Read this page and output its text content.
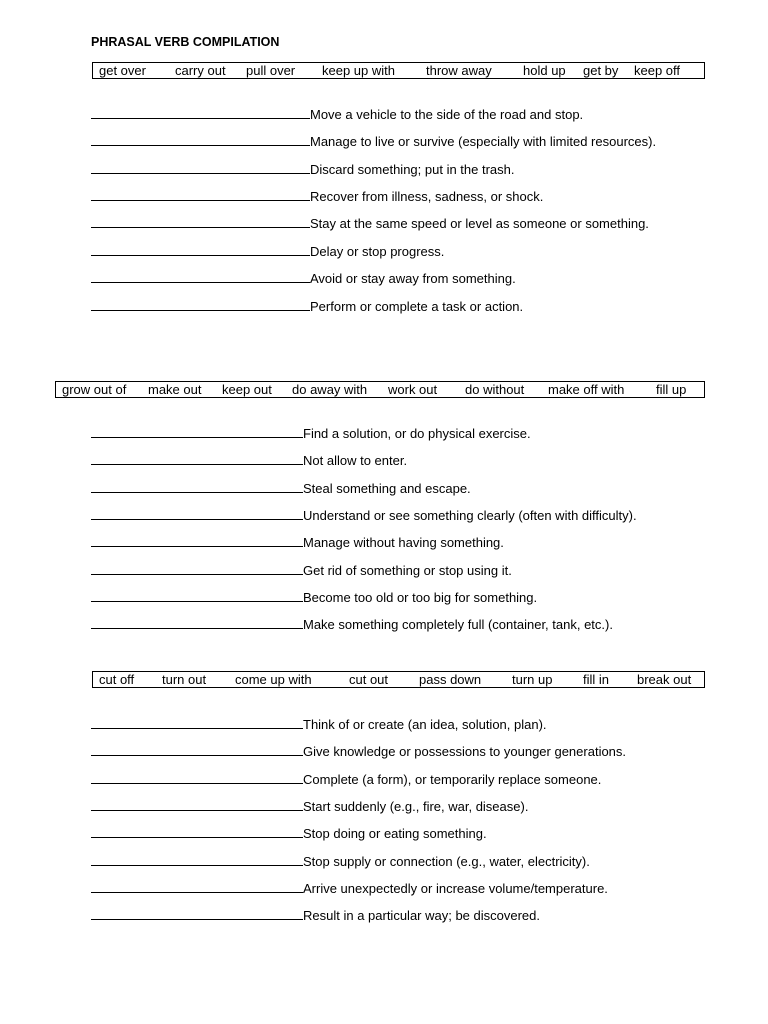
PHRASAL VERB COMPILATION
get over carry out pull over keep up with throw away hold up get by keep off
Move a vehicle to the side of the road and stop.
Manage to live or survive (especially with limited resources).
Discard something; put in the trash.
Recover from illness, sadness, or shock.
Stay at the same speed or level as someone or something.
Delay or stop progress.
Avoid or stay away from something.
Perform or complete a task or action.
grow out of make out keep out do away with work out do without make off with fill up
Find a solution, or do physical exercise.
Not allow to enter.
Steal something and escape.
Understand or see something clearly (often with difficulty).
Manage without having something.
Get rid of something or stop using it.
Become too old or too big for something.
Make something completely full (container, tank, etc.).
cut off turn out come up with	cut out pass down turn up fill in break out
Think of or create (an idea, solution, plan).
Give knowledge or possessions to younger generations.
Complete (a form), or temporarily replace someone.
Start suddenly (e.g., fire, war, disease).
Stop doing or eating something.
Stop supply or connection (e.g., water, electricity).
Arrive unexpectedly or increase volume/temperature.
Result in a particular way; be discovered.
